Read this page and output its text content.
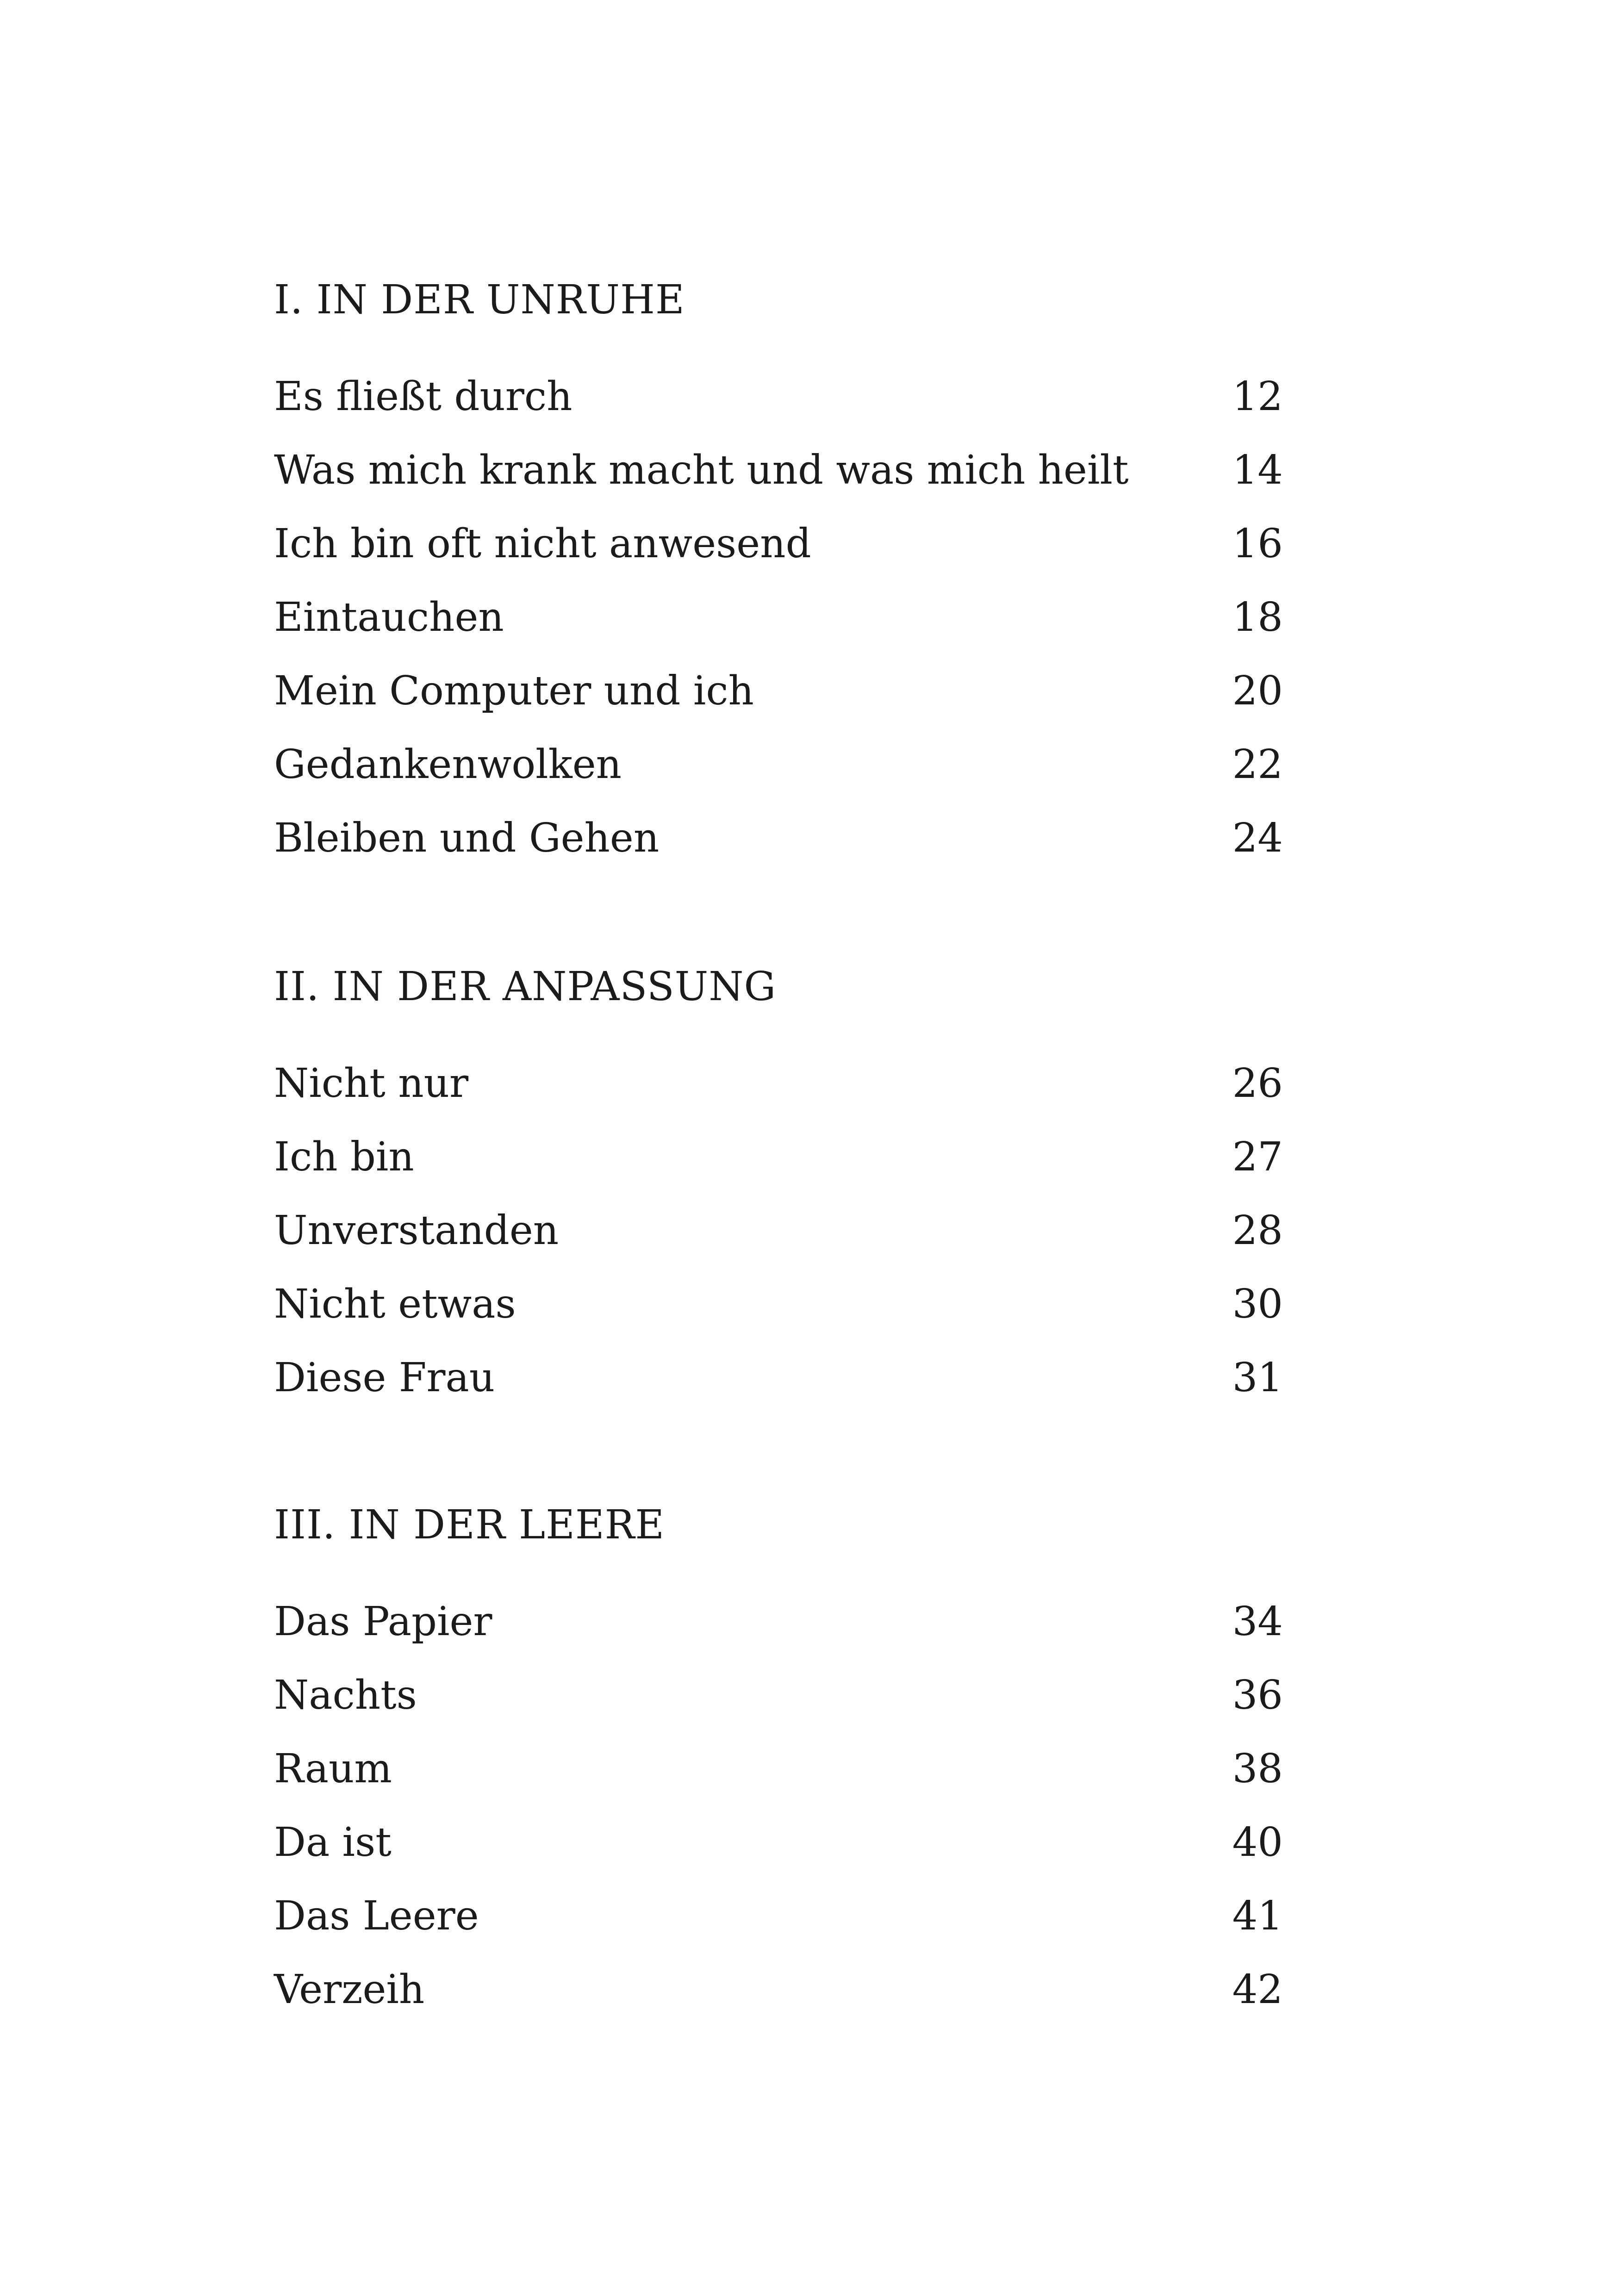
I. IN DER UNRUHE
Es fließt durch	12
Was mich krank macht und was mich heilt	14
Ich bin oft nicht anwesend	16
Eintauchen	18
Mein Computer und ich	20
Gedankenwolken	22
Bleiben und Gehen	24
II. IN DER ANPASSUNG
Nicht nur	26
Ich bin	27
Unverstanden	28
Nicht etwas	30
Diese Frau	31
III. IN DER LEERE
Das Papier	34
Nachts	36
Raum	38
Da ist	40
Das Leere	41
Verzeih	42
